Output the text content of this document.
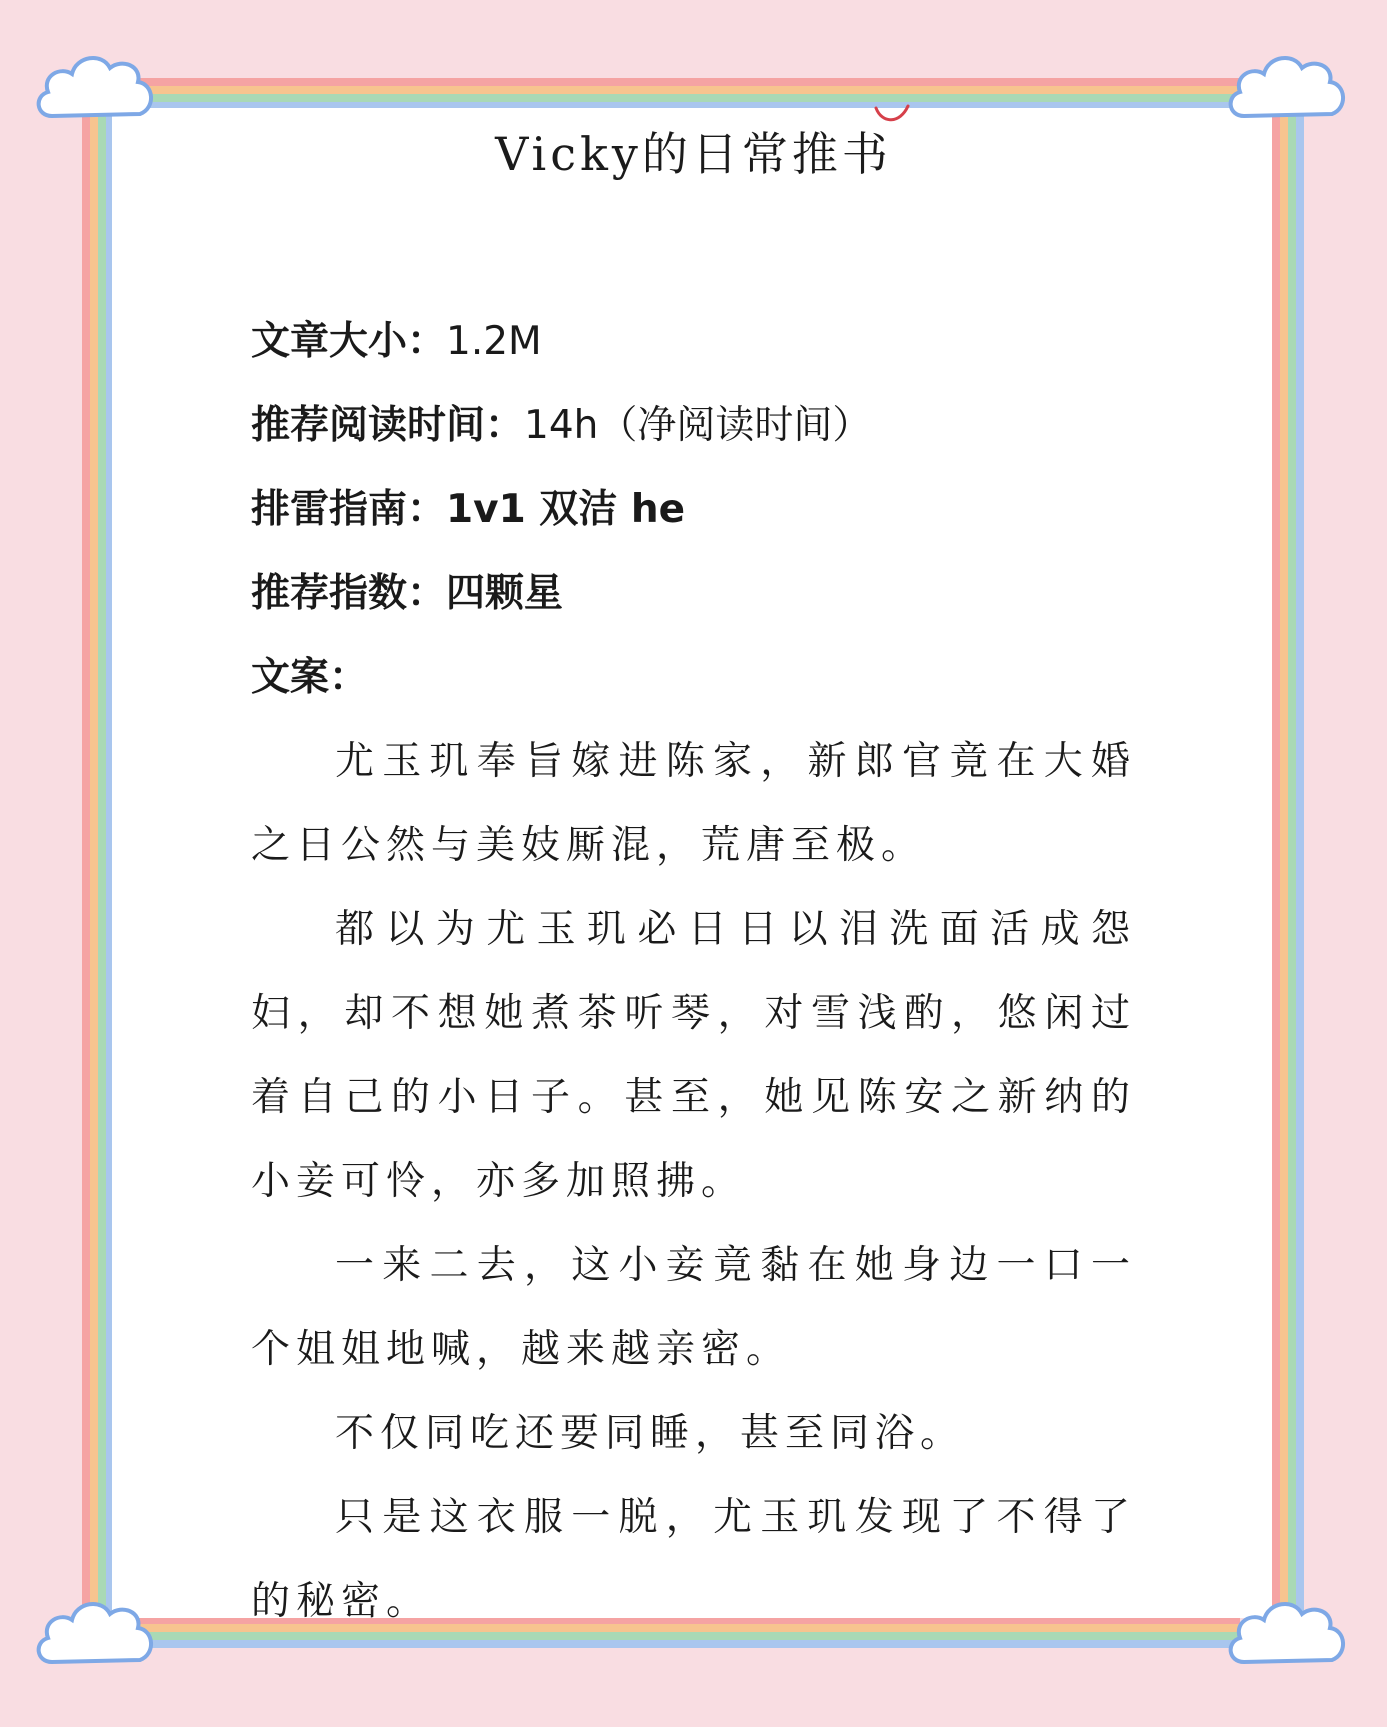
Vicky的日常推书
文章大小：1.2M
推荐阅读时间：14h（净阅读时间）
排雷指南：1v1 双洁 he
推荐指数：四颗星
文案：

尤玉玑奉旨嫁进陈家，新郎官竟在大婚之日公然与美妓厮混，荒唐至极。

都以为尤玉玑必日日以泪洗面活成怨妇，却不想她煮茶听琴，对雪浅酌，悠闲过着自己的小日子。甚至，她见陈安之新纳的小妾可怜，亦多加照拂。

一来二去，这小妾竟黏在她身边一口一个姐姐地喊，越来越亲密。

不仅同吃还要同睡，甚至同浴。

只是这衣服一脱，尤玉玑发现了不得了的秘密。
